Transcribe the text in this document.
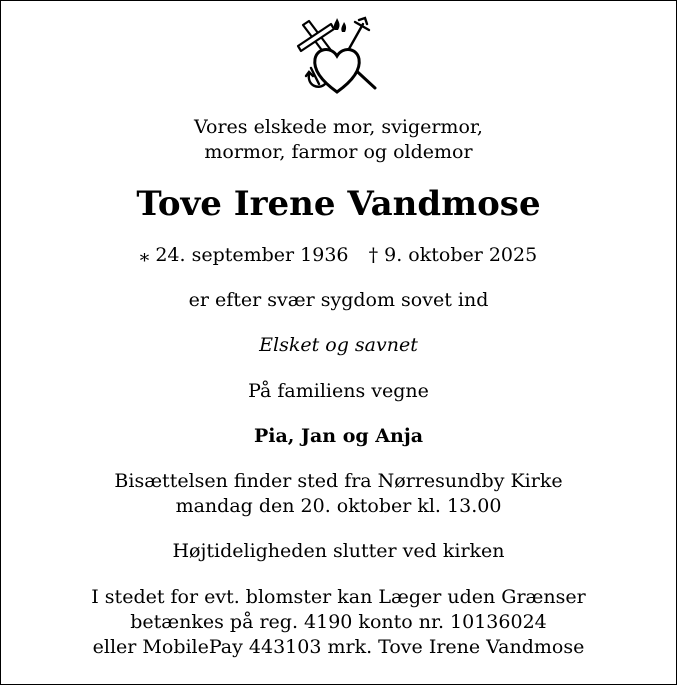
Vores elskede mor, svigermor,
mormor, farmor og oldemor
Tove Irene Vandmose
⁎ 24. september 1936 † 9. oktober 2025
er efter svær sygdom sovet ind
Elsket og savnet
På familiens vegne
Pia, Jan og Anja
Bisættelsen finder sted fra Nørresundby Kirke
mandag den 20. oktober kl. 13.00
Højtideligheden slutter ved kirken
I stedet for evt. blomster kan Læger uden Grænser
betænkes på reg. 4190 konto nr. 10136024
eller MobilePay 443103 mrk. Tove Irene Vandmose
